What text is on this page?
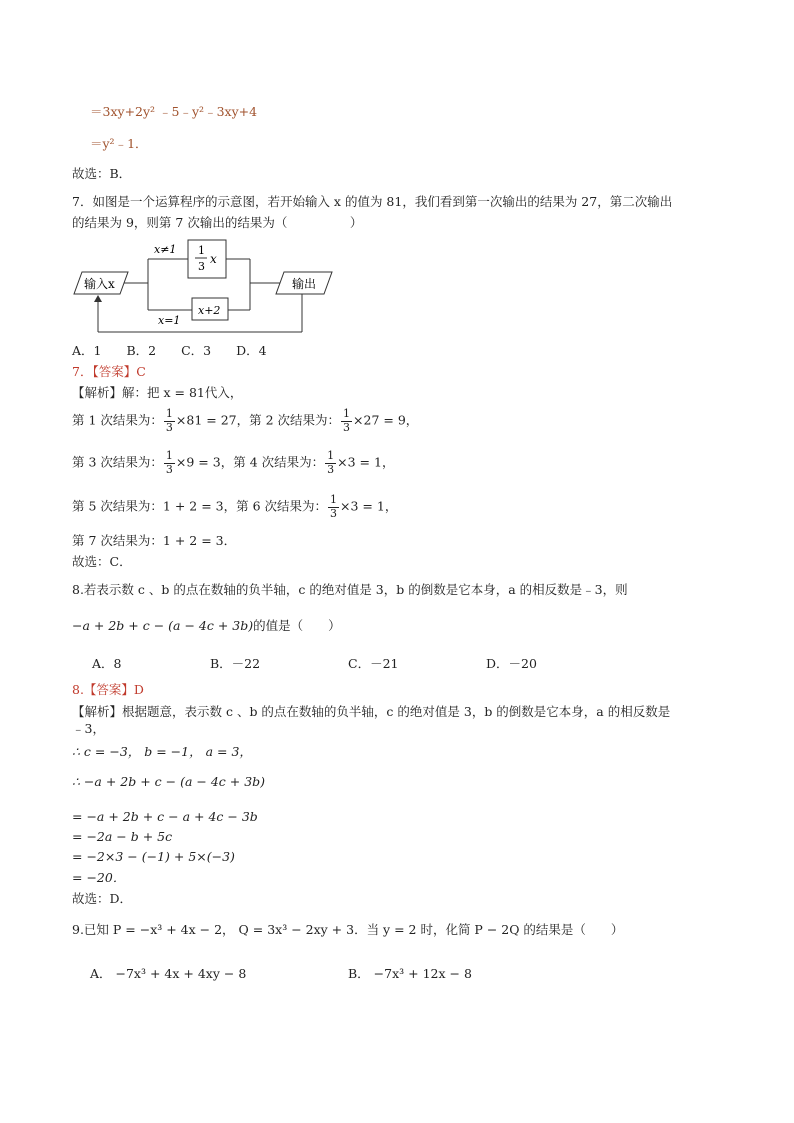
＝3xy+2y² ﹣5﹣y²﹣3xy+4
＝y²﹣1．
故选：B．
7．如图是一个运算程序的示意图，若开始输入 x 的值为 81，我们看到第一次输出的结果为 27，第二次输出
的结果为 9，则第 7 次输出的结果为（　　　　　）
输入x	输出
x≠1
x=1
1
3
x
x+2
A．1　　B．2　　C．3　　D．4
7．【答案】C
【解析】解：把 x = 81代入，
第 1 次结果为： $\frac{1}{3} \times 81 = 27$，第 2 次结果为： $\frac{1}{3} \times 27 = 9$，
第 3 次结果为： $\frac{1}{3} \times 9 = 3$，第 4 次结果为： $\frac{1}{3} \times 3 = 1$，
第 5 次结果为：1 + 2 = 3，第 6 次结果为： $\frac{1}{3} \times 3 = 1$，
第 7 次结果为：1 + 2 = 3．
故选：C．
8.若表示数 c 、b 的点在数轴的负半轴，c 的绝对值是 3，b 的倒数是它本身，a 的相反数是﹣3，则
−a + 2b + c − (a − 4c + 3b)的值是（　　）
A．8	B．－22	C．－21	D．－20
8.【答案】D
【解析】根据题意，表示数 c 、b 的点在数轴的负半轴，c 的绝对值是 3，b 的倒数是它本身，a 的相反数是
﹣3，
∴ c = −3， b = −1， a = 3，
∴ −a + 2b + c − (a − 4c + 3b)
= −a + 2b + c − a + 4c − 3b
= −2a − b + 5c
= −2×3 − (−1) + 5×(−3)
= −20．
故选：D．
9.已知 P = −x³ + 4x − 2， Q = 3x³ − 2xy + 3．当 y = 2 时，化简 P − 2Q 的结果是（　　）
A． −7x³ + 4x + 4xy − 8	B． −7x³ + 12x − 8
